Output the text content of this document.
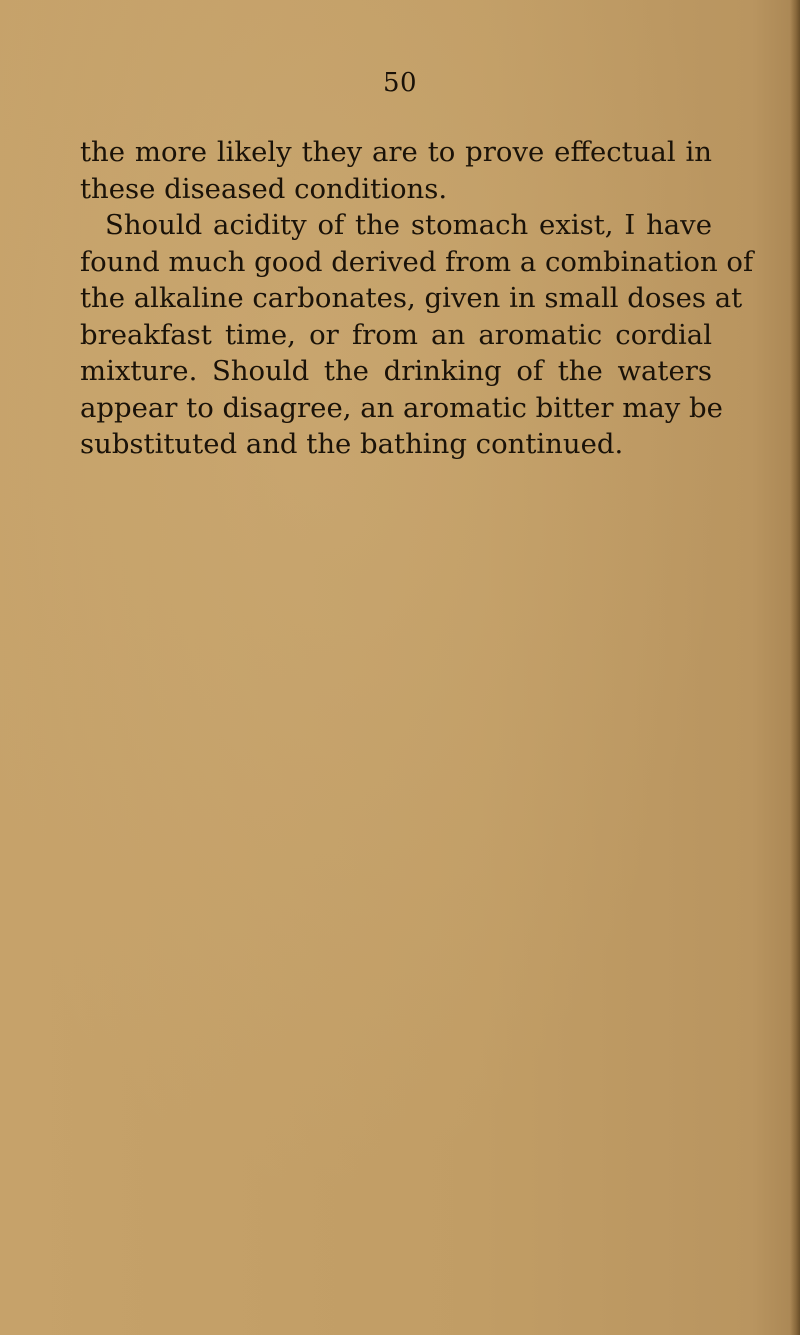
50
the more likely they are to prove effectual in
these diseased conditions.
Should acidity of the stomach exist, I have
found much good derived from a combination of
the alkaline carbonates, given in small doses at
breakfast time, or from an aromatic cordial
mixture. Should the drinking of the waters
appear to disagree, an aromatic bitter may be
substituted and the bathing continued.
